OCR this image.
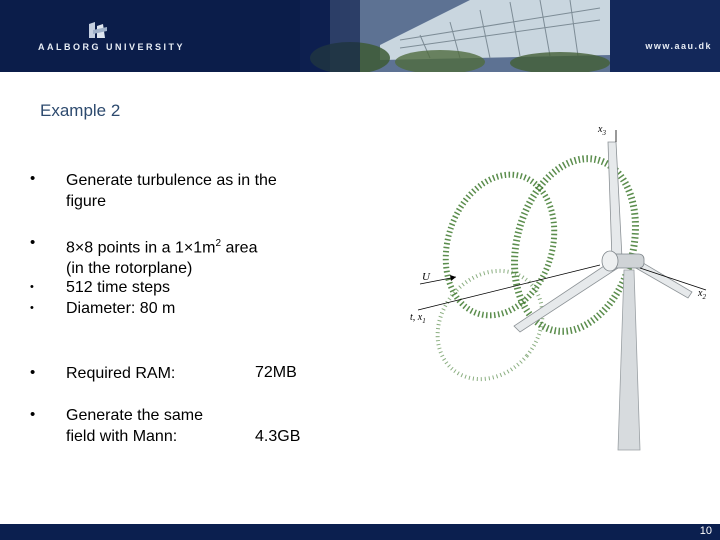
AALBORG UNIVERSITY	www.aau.dk
Example 2
• Generate turbulence as in the
figure
• 8×8 points in a $1\times 1m^2$ area
(in the rotorplane)
• 512 time steps
• Diameter: 80 m
• Required RAM:	72MB
• Generate the same
field with Mann:	4.3GB
$x_3$
U
$x_2$
t, $x_1$
10
